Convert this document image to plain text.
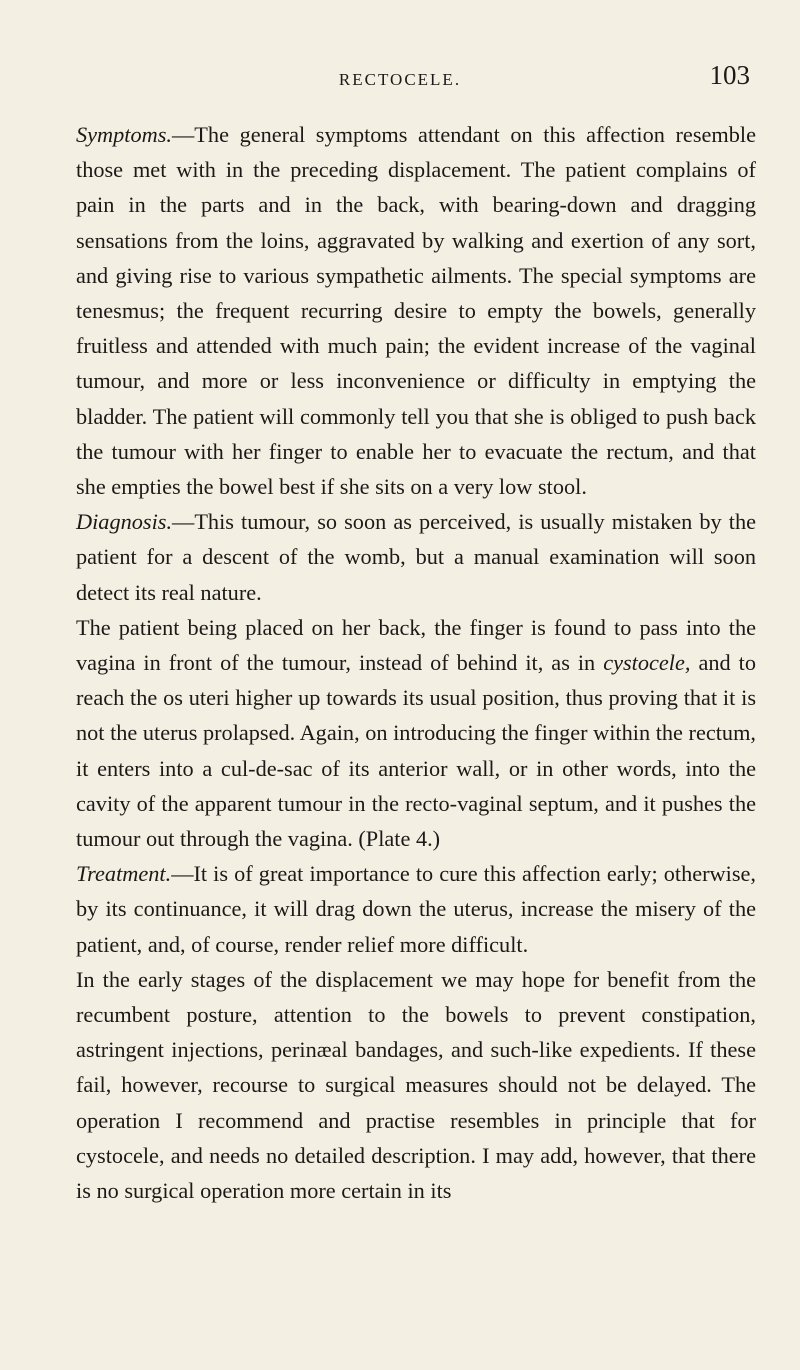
RECTOCELE.	103

Symptoms.—The general symptoms attendant on this affection resemble those met with in the preceding displacement. The patient complains of pain in the parts and in the back, with bearing-down and dragging sensations from the loins, aggravated by walking and exertion of any sort, and giving rise to various sympathetic ailments. The special symptoms are tenesmus; the frequent recurring desire to empty the bowels, generally fruitless and attended with much pain; the evident increase of the vaginal tumour, and more or less inconvenience or difficulty in emptying the bladder. The patient will commonly tell you that she is obliged to push back the tumour with her finger to enable her to evacuate the rectum, and that she empties the bowel best if she sits on a very low stool.

Diagnosis.—This tumour, so soon as perceived, is usually mistaken by the patient for a descent of the womb, but a manual examination will soon detect its real nature.

The patient being placed on her back, the finger is found to pass into the vagina in front of the tumour, instead of behind it, as in cystocele, and to reach the os uteri higher up towards its usual position, thus proving that it is not the uterus prolapsed. Again, on introducing the finger within the rectum, it enters into a cul-de-sac of its anterior wall, or in other words, into the cavity of the apparent tumour in the recto-vaginal septum, and it pushes the tumour out through the vagina. (Plate 4.)

Treatment.—It is of great importance to cure this affection early; otherwise, by its continuance, it will drag down the uterus, increase the misery of the patient, and, of course, render relief more difficult.

In the early stages of the displacement we may hope for benefit from the recumbent posture, attention to the bowels to prevent constipation, astringent injections, perinæal bandages, and such-like expedients. If these fail, however, recourse to surgical measures should not be delayed. The operation I recommend and practise resembles in principle that for cystocele, and needs no detailed description. I may add, however, that there is no surgical operation more certain in its
